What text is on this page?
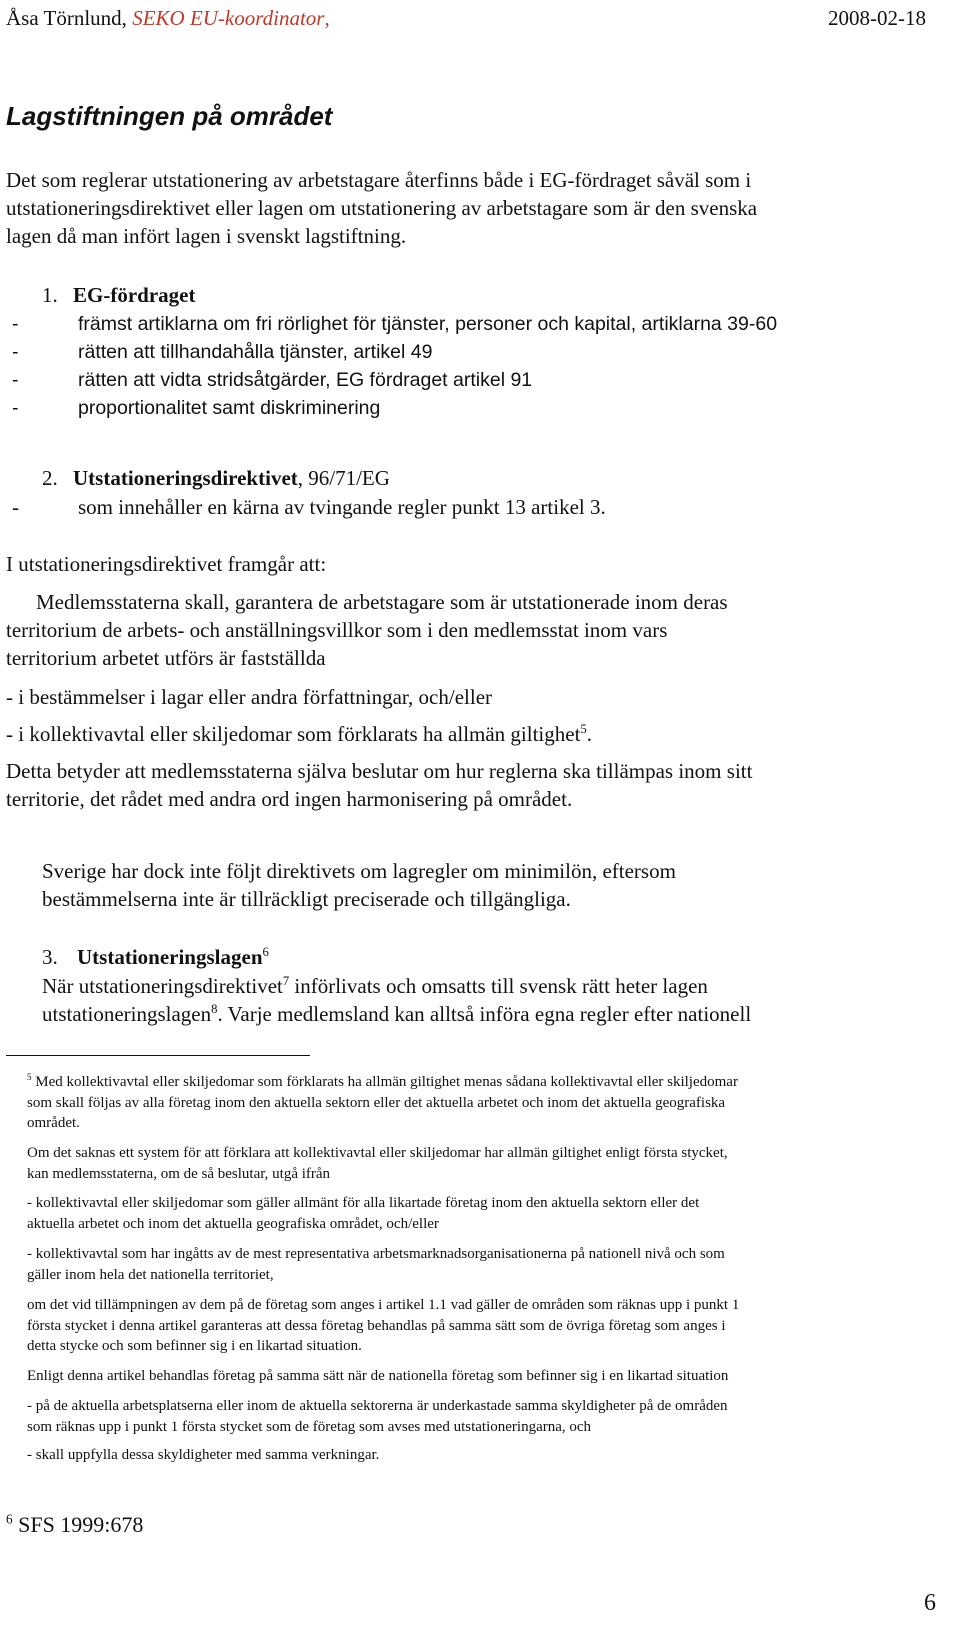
Åsa Törnlund, SEKO EU-koordinator,	2008-02-18
Lagstiftningen på området
Det som reglerar utstationering av arbetstagare återfinns både i EG-fördraget såväl som i
utstationeringsdirektivet eller lagen om utstationering av arbetstagare som är den svenska
lagen då man infört lagen i svenskt lagstiftning.
1. EG-fördraget
-	främst artiklarna om fri rörlighet för tjänster, personer och kapital, artiklarna 39-60
-	rätten att tillhandahålla tjänster, artikel 49
-	rätten att vidta stridsåtgärder, EG fördraget artikel 91
-	proportionalitet samt diskriminering
2. Utstationeringsdirektivet, 96/71/EG
-	som innehåller en kärna av tvingande regler punkt 13 artikel 3.
I utstationeringsdirektivet framgår att:
Medlemsstaterna skall, garantera de arbetstagare som är utstationerade inom deras
territorium de arbets- och anställningsvillkor som i den medlemsstat inom vars
territorium arbetet utförs är fastställda
- i bestämmelser i lagar eller andra författningar, och/eller
- i kollektivavtal eller skiljedomar som förklarats ha allmän giltighet$^5$.
Detta betyder att medlemsstaterna själva beslutar om hur reglerna ska tillämpas inom sitt
territorie, det rådet med andra ord ingen harmonisering på området.
Sverige har dock inte följt direktivets om lagregler om minimilön, eftersom
bestämmelserna inte är tillräckligt preciserade och tillgängliga.
3. Utstationeringslagen$^6$
När utstationeringsdirektivet$^7$ införlivats och omsatts till svensk rätt heter lagen
utstationeringslagen$^8$. Varje medlemsland kan alltså införa egna regler efter nationell
$^5$ Med kollektivavtal eller skiljedomar som förklarats ha allmän giltighet menas sådana kollektivavtal eller skiljedomar
som skall följas av alla företag inom den aktuella sektorn eller det aktuella arbetet och inom det aktuella geografiska
området.
Om det saknas ett system för att förklara att kollektivavtal eller skiljedomar har allmän giltighet enligt första stycket,
kan medlemsstaterna, om de så beslutar, utgå ifrån
- kollektivavtal eller skiljedomar som gäller allmänt för alla likartade företag inom den aktuella sektorn eller det
aktuella arbetet och inom det aktuella geografiska området, och/eller
- kollektivavtal som har ingåtts av de mest representativa arbetsmarknadsorganisationerna på nationell nivå och som
gäller inom hela det nationella territoriet,
om det vid tillämpningen av dem på de företag som anges i artikel 1.1 vad gäller de områden som räknas upp i punkt 1
första stycket i denna artikel garanteras att dessa företag behandlas på samma sätt som de övriga företag som anges i
detta stycke och som befinner sig i en likartad situation.
Enligt denna artikel behandlas företag på samma sätt när de nationella företag som befinner sig i en likartad situation
- på de aktuella arbetsplatserna eller inom de aktuella sektorerna är underkastade samma skyldigheter på de områden
som räknas upp i punkt 1 första stycket som de företag som avses med utstationeringarna, och
- skall uppfylla dessa skyldigheter med samma verkningar.
$^6$ SFS 1999:678
6
